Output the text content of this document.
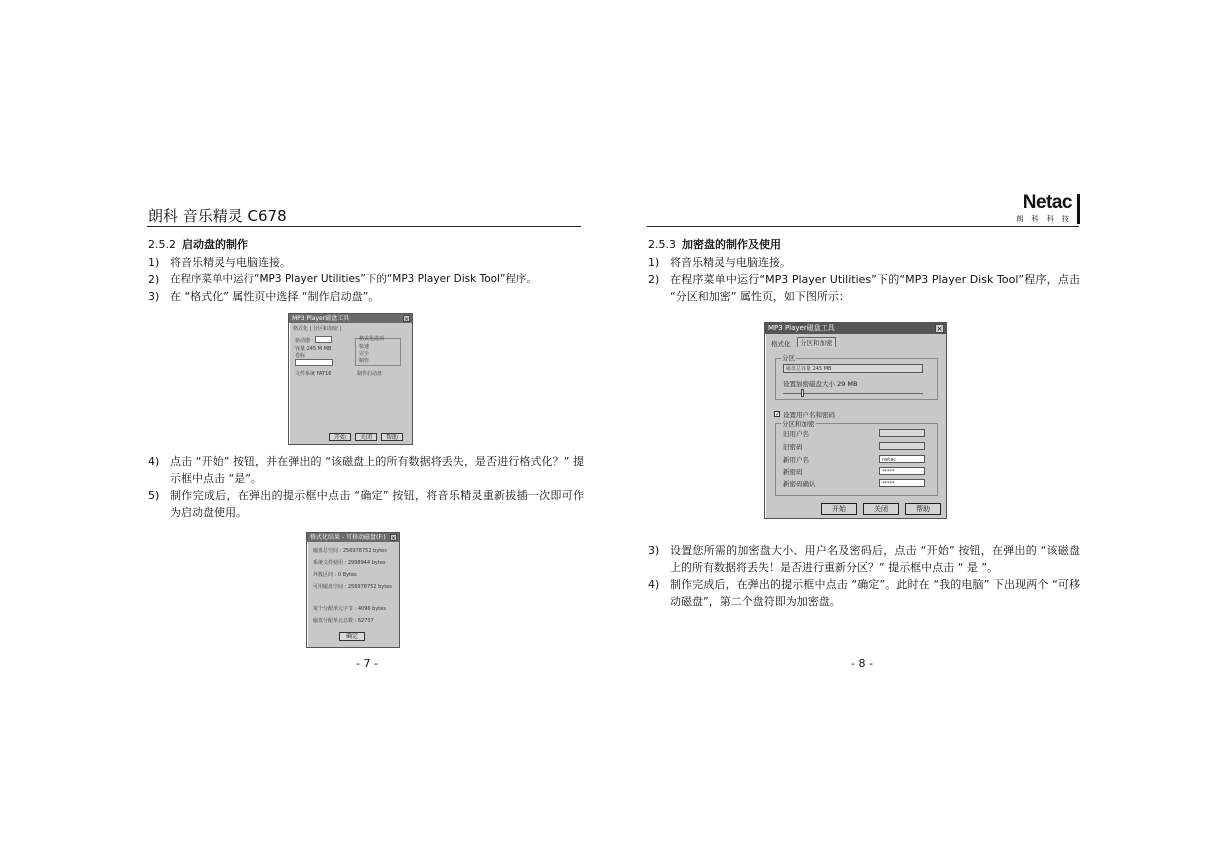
朗科 音乐精灵 C678
Netac
朗 科 科 技
2.5.2 启动盘的制作
1) 将音乐精灵与电脑连接。
2)	在程序菜单中运行“MP3 Player Utilities”下的“MP3 Player Disk Tool”程序。
3) 在 “格式化” 属性页中选择 “制作启动盘”。
MP3 Player磁盘工具	×
格式化 | 分区和加密 |
驱动器
容量 245 M MB
卷标
文件系统 FAT16
格式化选项
快速
完全
制作
制作启动盘
开始	关闭	帮助
4) 点击 “开始” 按钮，并在弹出的 “该磁盘上的所有数据将丢失，是否进行格式化？” 提示框中点击 “是”。
5) 制作完成后，在弹出的提示框中点击 “确定” 按钮，将音乐精灵重新拔插一次即可作为启动盘使用。
格式化结果 - 可移动磁盘(F:) ×
磁盘总空间 : 256978752 bytes
系统文件使用 : 2998944 bytes
坏簇区间 : 0 Bytes
可用磁盘空间 : 256978752 bytes
每个分配单元字节 : 4096 bytes
磁盘分配单元总数 : 62737
确定
- 7 -
2.5.3 加密盘的制作及使用
1) 将音乐精灵与电脑连接。
2) 在程序菜单中运行“MP3 Player Utilities”下的“MP3 Player Disk Tool”程序，点击 “分区和加密” 属性页，如下图所示：
MP3 Player磁盘工具	×
格式化	分区和加密
分区
磁盘总容量 245 MB
设置加密磁盘大小 29 MB
✓ 设置用户名和密码
分区和加密
旧用户名
旧密码
新用户名	netac
新密码	*****
新密码确认	*****
开始	关闭	帮助
3) 设置您所需的加密盘大小、用户名及密码后，点击 “开始” 按钮，在弹出的 “该磁盘上的所有数据将丢失！是否进行重新分区？” 提示框中点击 “ 是 ”。
4) 制作完成后，在弹出的提示框中点击 “确定”。此时在 “我的电脑” 下出现两个 “可移动磁盘”，第二个盘符即为加密盘。
- 8 -
